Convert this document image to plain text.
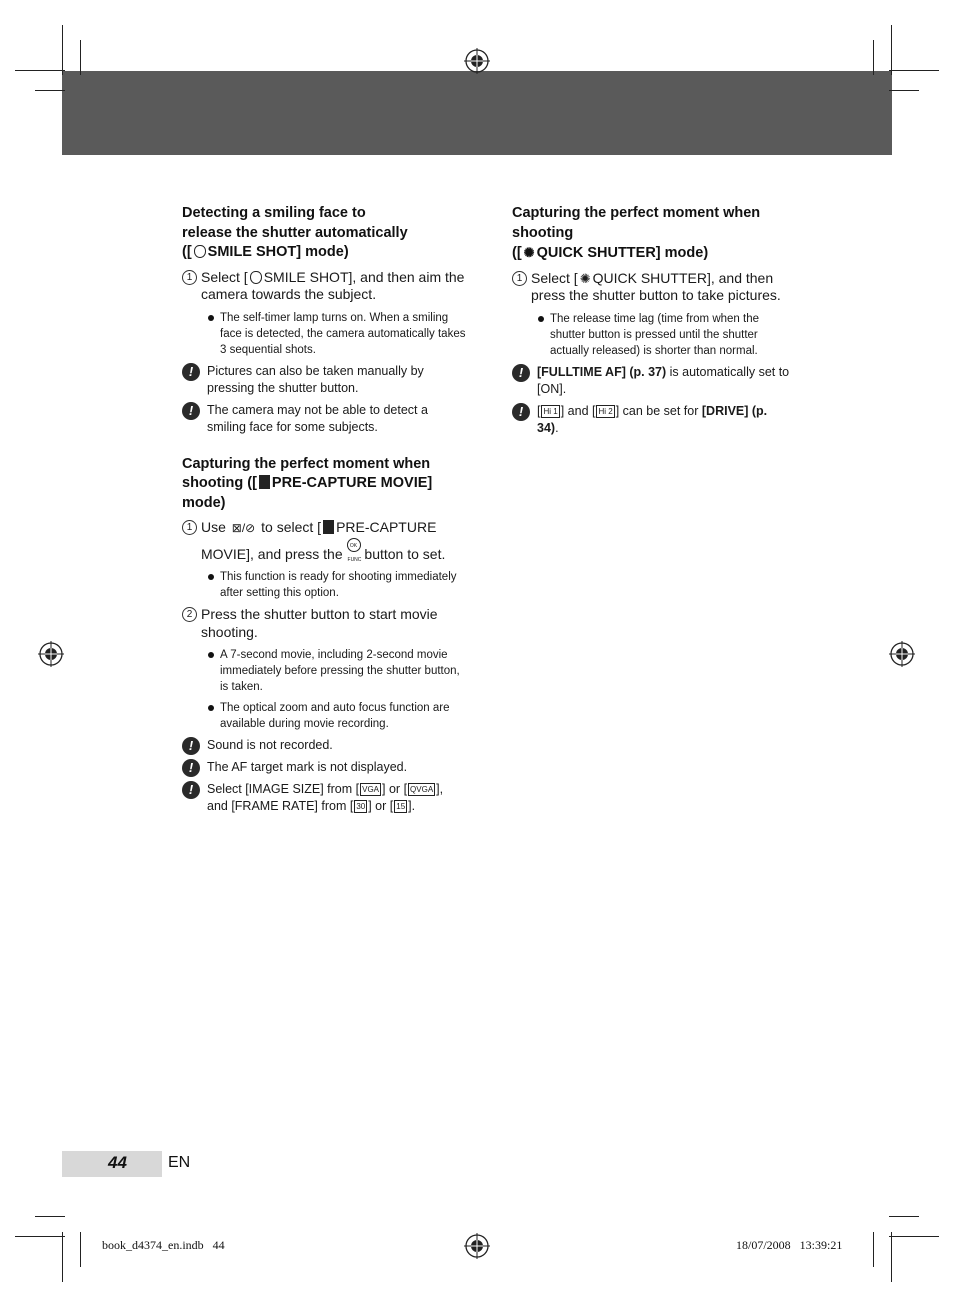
Detecting a smiling face to
release the shutter automatically
([ SMILE SHOT] mode)
1 Select [ SMILE SHOT], and then aim the camera towards the subject.
The self-timer lamp turns on. When a smiling face is detected, the camera automatically takes 3 sequential shots.
!	Pictures can also be taken manually by pressing the shutter button.
!	The camera may not be able to detect a smiling face for some subjects.
Capturing the perfect moment when
shooting ([ PRE-CAPTURE MOVIE]
mode)
1 Use ⊠/⊘ to select [ PRE-CAPTURE MOVIE], and press the OK FUNC button to set.
This function is ready for shooting immediately after setting this option.
2 Press the shutter button to start movie shooting.
A 7-second movie, including 2-second movie immediately before pressing the shutter button, is taken.
The optical zoom and auto focus function are available during movie recording.
!	Sound is not recorded.
!	The AF target mark is not displayed.
!	Select [IMAGE SIZE] from [ VGA ] or [ QVGA ], and [FRAME RATE] from [ 30 ] or [ 15 ].
Capturing the perfect moment when
shooting
([ ✺ QUICK SHUTTER] mode)
1 Select [ ✺ QUICK SHUTTER], and then press the shutter button to take pictures.
The release time lag (time from when the shutter button is pressed until the shutter actually released) is shorter than normal.
!	[FULLTIME AF] (p. 37) is automatically set to [ON].
!	[ Hi 1 ] and [ Hi 2 ] can be set for [DRIVE] (p. 34).
44	EN
book_d4374_en.indb   44	18/07/2008   13:39:21
